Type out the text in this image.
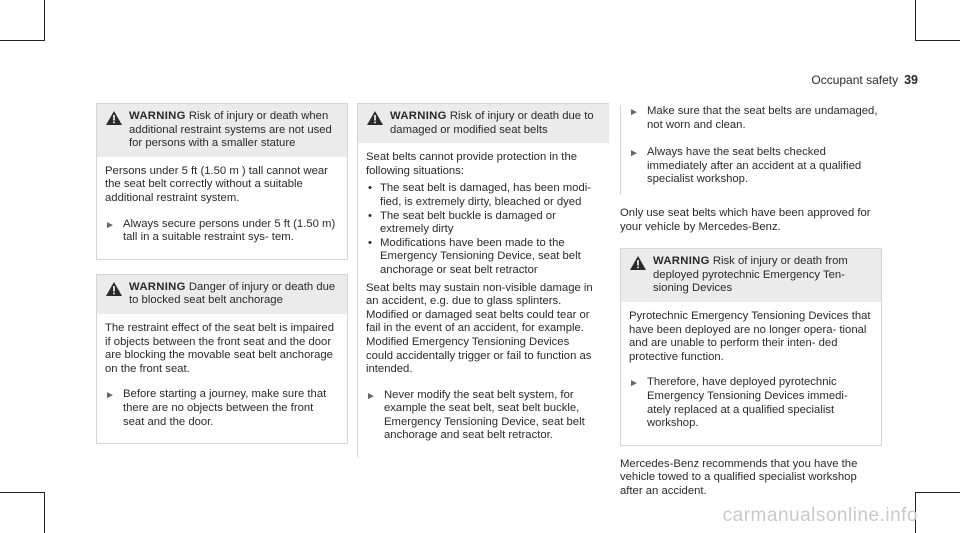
Occupant safety 39
WARNING Risk of injury or death when additional restraint systems are not used for persons with a smaller stature

Persons under 5 ft (1.50 m ) tall cannot wear the seat belt correctly without a suitable additional restraint system.

► Always secure persons under 5 ft (1.50 m) tall in a suitable restraint sys‐ tem.
WARNING Danger of injury or death due to blocked seat belt anchorage

The restraint effect of the seat belt is impaired if objects between the front seat and the door are blocking the movable seat belt anchorage on the front seat.

► Before starting a journey, make sure that there are no objects between the front seat and the door.
WARNING Risk of injury or death due to damaged or modified seat belts

Seat belts cannot provide protection in the following situations:

• The seat belt is damaged, has been modi‐ fied, is extremely dirty, bleached or dyed
• The seat belt buckle is damaged or extremely dirty
• Modifications have been made to the Emergency Tensioning Device, seat belt anchorage or seat belt retractor

Seat belts may sustain non-visible damage in an accident, e.g. due to glass splinters.

Modified or damaged seat belts could tear or fail in the event of an accident, for example.

Modified Emergency Tensioning Devices could accidentally trigger or fail to function as intended.

► Never modify the seat belt system, for example the seat belt, seat belt buckle, Emergency Tensioning Device, seat belt anchorage and seat belt retractor.
► Make sure that the seat belts are undamaged, not worn and clean.
► Always have the seat belts checked immediately after an accident at a qualified specialist workshop.

Only use seat belts which have been approved for your vehicle by Mercedes-Benz.

WARNING Risk of injury or death from deployed pyrotechnic Emergency Ten‐ sioning Devices

Pyrotechnic Emergency Tensioning Devices that have been deployed are no longer opera‐ tional and are unable to perform their inten‐ ded protective function.

► Therefore, have deployed pyrotechnic Emergency Tensioning Devices immedi‐ ately replaced at a qualified specialist workshop.

Mercedes-Benz recommends that you have the vehicle towed to a qualified specialist workshop after an accident.

carmanualsonline.info
